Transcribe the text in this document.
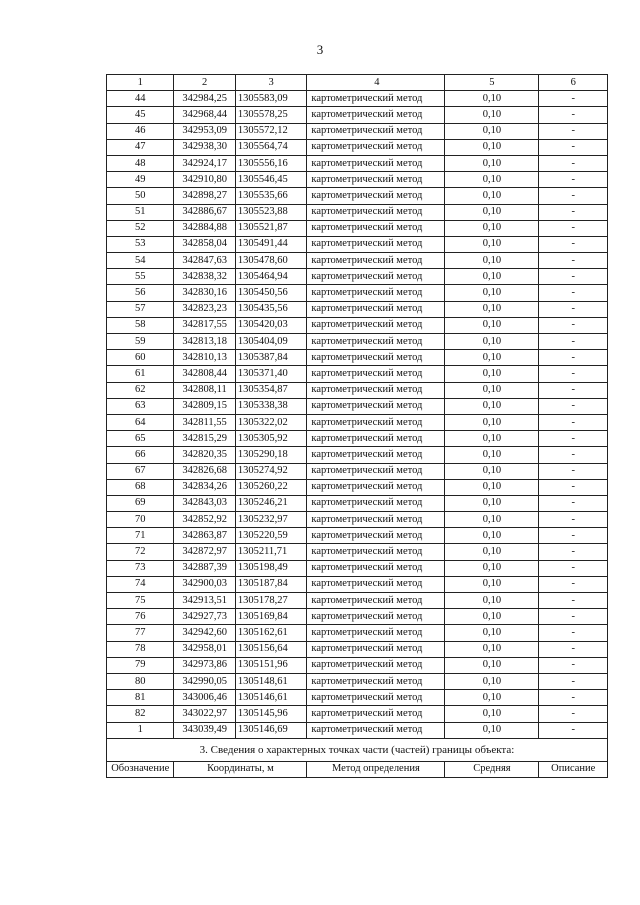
3
1	2	3	4	5	6
44	342984,25	1305583,09	картометрический метод	0,10	-
45	342968,44	1305578,25	картометрический метод	0,10	-
46	342953,09	1305572,12	картометрический метод	0,10	-
47	342938,30	1305564,74	картометрический метод	0,10	-
48	342924,17	1305556,16	картометрический метод	0,10	-
49	342910,80	1305546,45	картометрический метод	0,10	-
50	342898,27	1305535,66	картометрический метод	0,10	-
51	342886,67	1305523,88	картометрический метод	0,10	-
52	342884,88	1305521,87	картометрический метод	0,10	-
53	342858,04	1305491,44	картометрический метод	0,10	-
54	342847,63	1305478,60	картометрический метод	0,10	-
55	342838,32	1305464,94	картометрический метод	0,10	-
56	342830,16	1305450,56	картометрический метод	0,10	-
57	342823,23	1305435,56	картометрический метод	0,10	-
58	342817,55	1305420,03	картометрический метод	0,10	-
59	342813,18	1305404,09	картометрический метод	0,10	-
60	342810,13	1305387,84	картометрический метод	0,10	-
61	342808,44	1305371,40	картометрический метод	0,10	-
62	342808,11	1305354,87	картометрический метод	0,10	-
63	342809,15	1305338,38	картометрический метод	0,10	-
64	342811,55	1305322,02	картометрический метод	0,10	-
65	342815,29	1305305,92	картометрический метод	0,10	-
66	342820,35	1305290,18	картометрический метод	0,10	-
67	342826,68	1305274,92	картометрический метод	0,10	-
68	342834,26	1305260,22	картометрический метод	0,10	-
69	342843,03	1305246,21	картометрический метод	0,10	-
70	342852,92	1305232,97	картометрический метод	0,10	-
71	342863,87	1305220,59	картометрический метод	0,10	-
72	342872,97	1305211,71	картометрический метод	0,10	-
73	342887,39	1305198,49	картометрический метод	0,10	-
74	342900,03	1305187,84	картометрический метод	0,10	-
75	342913,51	1305178,27	картометрический метод	0,10	-
76	342927,73	1305169,84	картометрический метод	0,10	-
77	342942,60	1305162,61	картометрический метод	0,10	-
78	342958,01	1305156,64	картометрический метод	0,10	-
79	342973,86	1305151,96	картометрический метод	0,10	-
80	342990,05	1305148,61	картометрический метод	0,10	-
81	343006,46	1305146,61	картометрический метод	0,10	-
82	343022,97	1305145,96	картометрический метод	0,10	-
1	343039,49	1305146,69	картометрический метод	0,10	-
3. Сведения о характерных точках части (частей) границы объекта:					
Обозначение	Координаты, м		Метод определения	Средняя	Описание
